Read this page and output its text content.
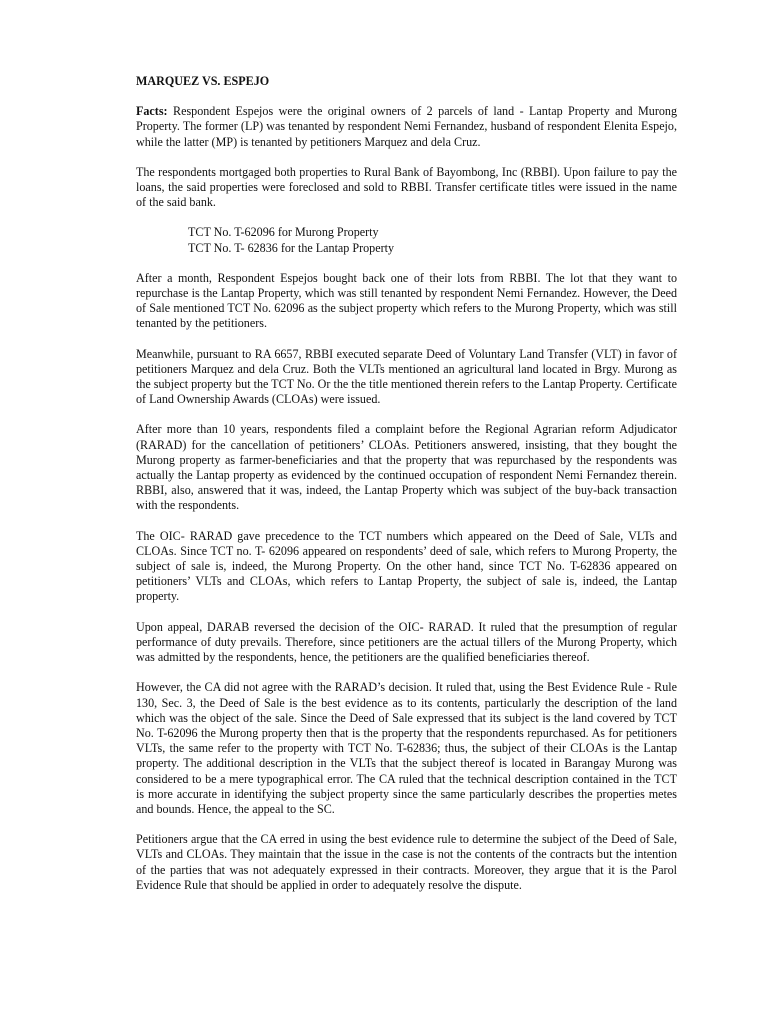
MARQUEZ VS. ESPEJO

Facts: Respondent Espejos were the original owners of 2 parcels of land - Lantap Property and Murong Property. The former (LP) was tenanted by respondent Nemi Fernandez, husband of respondent Elenita Espejo, while the latter (MP) is tenanted by petitioners Marquez and dela Cruz.

The respondents mortgaged both properties to Rural Bank of Bayombong, Inc (RBBI). Upon failure to pay the loans, the said properties were foreclosed and sold to RBBI. Transfer certificate titles were issued in the name of the said bank.

TCT No. T-62096 for Murong Property
TCT No. T- 62836 for the Lantap Property

After a month, Respondent Espejos bought back one of their lots from RBBI. The lot that they want to repurchase is the Lantap Property, which was still tenanted by respondent Nemi Fernandez. However, the Deed of Sale mentioned TCT No. 62096 as the subject property which refers to the Murong Property, which was still tenanted by the petitioners.

Meanwhile, pursuant to RA 6657, RBBI executed separate Deed of Voluntary Land Transfer (VLT) in favor of petitioners Marquez and dela Cruz. Both the VLTs mentioned an agricultural land located in Brgy. Murong as the subject property but the TCT No. Or the the title mentioned therein refers to the Lantap Property. Certificate of Land Ownership Awards (CLOAs) were issued.

After more than 10 years, respondents filed a complaint before the Regional Agrarian reform Adjudicator (RARAD) for the cancellation of petitioners’ CLOAs. Petitioners answered, insisting, that they bought the Murong property as farmer-beneficiaries and that the property that was repurchased by the respondents was actually the Lantap property as evidenced by the continued occupation of respondent Nemi Fernandez therein. RBBI, also, answered that it was, indeed, the Lantap Property which was subject of the buy-back transaction with the respondents.

The OIC- RARAD gave precedence to the TCT numbers which appeared on the Deed of Sale, VLTs and CLOAs. Since TCT no. T- 62096 appeared on respondents’ deed of sale, which refers to Murong Property, the subject of sale is, indeed, the Murong Property. On the other hand, since TCT No. T-62836 appeared on petitioners’ VLTs and CLOAs, which refers to Lantap Property, the subject of sale is, indeed, the Lantap property.

Upon appeal, DARAB reversed the decision of the OIC- RARAD. It ruled that the presumption of regular performance of duty prevails. Therefore, since petitioners are the actual tillers of the Murong Property, which was admitted by the respondents, hence, the petitioners are the qualified beneficiaries thereof.

However, the CA did not agree with the RARAD’s decision. It ruled that, using the Best Evidence Rule - Rule 130, Sec. 3, the Deed of Sale is the best evidence as to its contents, particularly the description of the land which was the object of the sale. Since the Deed of Sale expressed that its subject is the land covered by TCT No. T-62096 the Murong property then that is the property that the respondents repurchased. As for petitioners VLTs, the same refer to the property with TCT No. T-62836; thus, the subject of their CLOAs is the Lantap property. The additional description in the VLTs that the subject thereof is located in Barangay Murong was considered to be a mere typographical error. The CA ruled that the technical description contained in the TCT is more accurate in identifying the subject property since the same particularly describes the properties metes and bounds. Hence, the appeal to the SC.

Petitioners argue that the CA erred in using the best evidence rule to determine the subject of the Deed of Sale, VLTs and CLOAs. They maintain that the issue in the case is not the contents of the contracts but the intention of the parties that was not adequately expressed in their contracts. Moreover, they argue that it is the Parol Evidence Rule that should be applied in order to adequately resolve the dispute.
